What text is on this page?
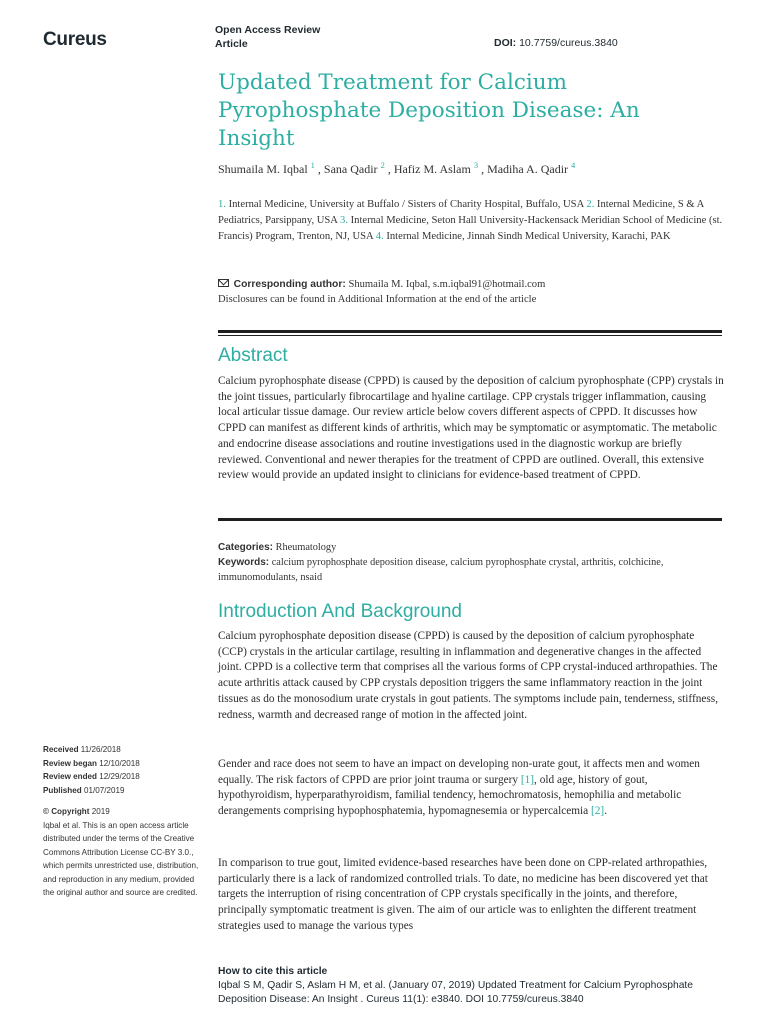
Cureus	Open Access Review
Article	DOI: 10.7759/cureus.3840
Updated Treatment for Calcium Pyrophosphate Deposition Disease: An Insight
Shumaila M. Iqbal $^1$ , Sana Qadir $^2$ , Hafiz M. Aslam $^3$ , Madiha A. Qadir $^4$
1. Internal Medicine, University at Buffalo / Sisters of Charity Hospital, Buffalo, USA 2. Internal Medicine, S & A Pediatrics, Parsippany, USA 3. Internal Medicine, Seton Hall University-Hackensack Meridian School of Medicine (st. Francis) Program, Trenton, NJ, USA 4. Internal Medicine, Jinnah Sindh Medical University, Karachi, PAK
Corresponding author: Shumaila M. Iqbal, s.m.iqbal91@hotmail.com
Disclosures can be found in Additional Information at the end of the article
Abstract
Calcium pyrophosphate disease (CPPD) is caused by the deposition of calcium pyrophosphate (CPP) crystals in the joint tissues, particularly fibrocartilage and hyaline cartilage. CPP crystals trigger inflammation, causing local articular tissue damage. Our review article below covers different aspects of CPPD. It discusses how CPPD can manifest as different kinds of arthritis, which may be symptomatic or asymptomatic. The metabolic and endocrine disease associations and routine investigations used in the diagnostic workup are briefly reviewed. Conventional and newer therapies for the treatment of CPPD are outlined. Overall, this extensive review would provide an updated insight to clinicians for evidence-based treatment of CPPD.
Categories: Rheumatology
Keywords: calcium pyrophosphate deposition disease, calcium pyrophosphate crystal, arthritis, colchicine, immunomodulants, nsaid
Introduction And Background
Calcium pyrophosphate deposition disease (CPPD) is caused by the deposition of calcium pyrophosphate (CCP) crystals in the articular cartilage, resulting in inflammation and degenerative changes in the affected joint. CPPD is a collective term that comprises all the various forms of CPP crystal-induced arthropathies. The acute arthritis attack caused by CPP crystals deposition triggers the same inflammatory reaction in the joint tissues as do the monosodium urate crystals in gout patients. The symptoms include pain, tenderness, stiffness, redness, warmth and decreased range of motion in the affected joint.
Gender and race does not seem to have an impact on developing non-urate gout, it affects men and women equally. The risk factors of CPPD are prior joint trauma or surgery [1], old age, history of gout, hypothyroidism, hyperparathyroidism, familial tendency, hemochromatosis, hemophilia and metabolic derangements comprising hypophosphatemia, hypomagnesemia or hypercalcemia [2].
In comparison to true gout, limited evidence-based researches have been done on CPP-related arthropathies, particularly there is a lack of randomized controlled trials. To date, no medicine has been discovered yet that targets the interruption of rising concentration of CPP crystals specifically in the joints, and therefore, principally symptomatic treatment is given. The aim of our article was to enlighten the different treatment strategies used to manage the various types
Received 11/26/2018
Review began 12/10/2018
Review ended 12/29/2018
Published 01/07/2019
© Copyright 2019
Iqbal et al. This is an open access article distributed under the terms of the Creative Commons Attribution License CC-BY 3.0., which permits unrestricted use, distribution, and reproduction in any medium, provided the original author and source are credited.
How to cite this article
Iqbal S M, Qadir S, Aslam H M, et al. (January 07, 2019) Updated Treatment for Calcium Pyrophosphate Deposition Disease: An Insight . Cureus 11(1): e3840. DOI 10.7759/cureus.3840
